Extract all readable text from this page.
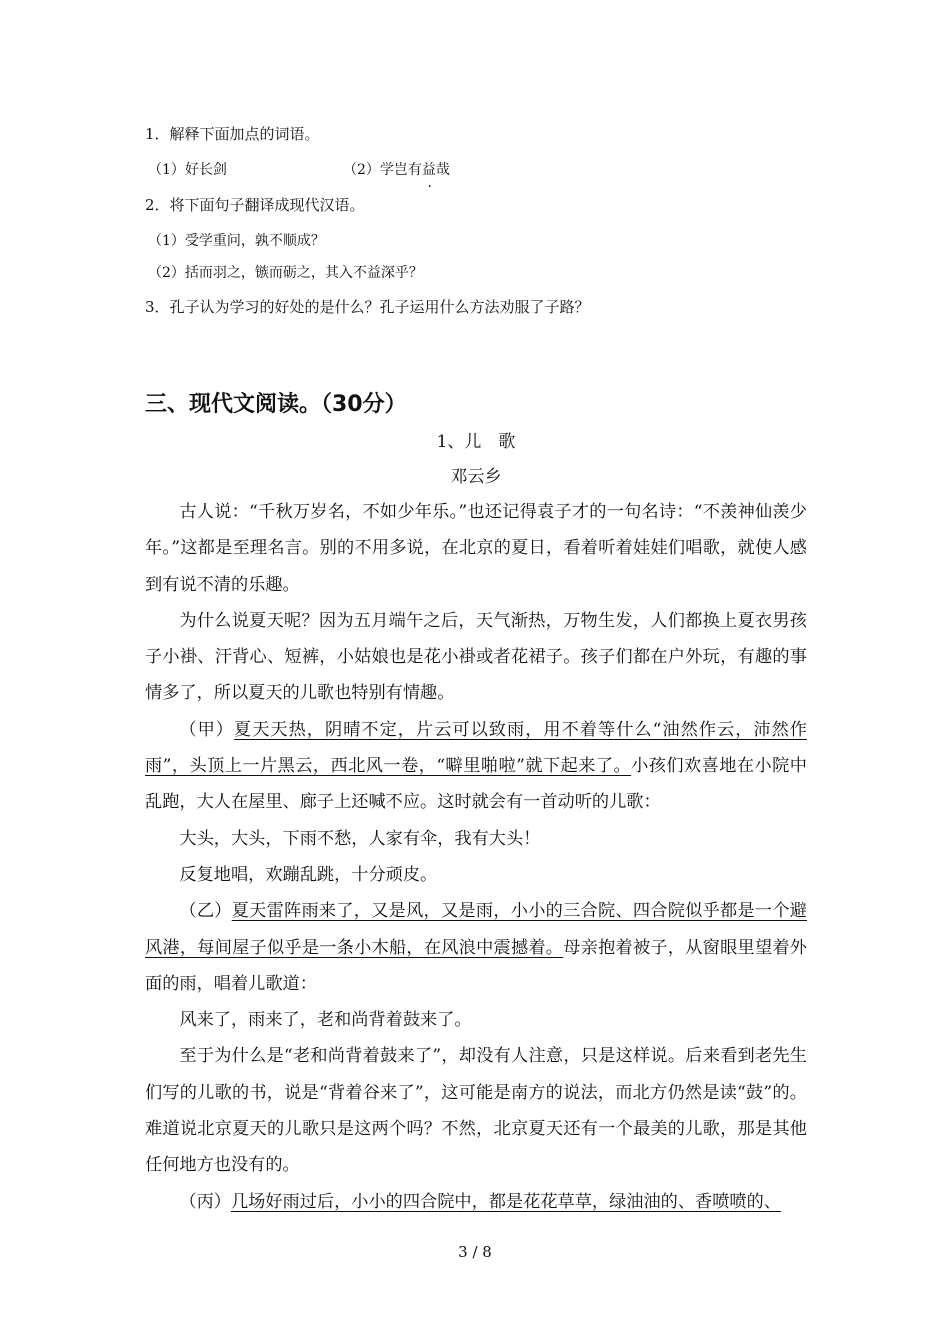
1．解释下面加点的词语。
（1）好长剑	（2）学岂有益哉
2．将下面句子翻译成现代汉语。
（1）受学重问，孰不顺成？
（2）括而羽之，镞而砺之，其入不益深乎？
3．孔子认为学习的好处的是什么？孔子运用什么方法劝服了子路？
三、现代文阅读。（30分）
1、儿　歌
邓云乡

古人说：“千秋万岁名，不如少年乐。”也还记得袁子才的一句名诗：“不羡神仙羡少年。”这都是至理名言。别的不用多说，在北京的夏日，看着听着娃娃们唱歌，就使人感到有说不清的乐趣。

为什么说夏天呢？因为五月端午之后，天气渐热，万物生发，人们都换上夏衣男孩子小褂、汗背心、短裤，小姑娘也是花小褂或者花裙子。孩子们都在户外玩，有趣的事情多了，所以夏天的儿歌也特别有情趣。

（甲）夏天天热，阴晴不定，片云可以致雨，用不着等什么“油然作云，沛然作雨”，头顶上一片黑云，西北风一卷，“噼里啪啦”就下起来了。小孩们欢喜地在小院中乱跑，大人在屋里、廊子上还喊不应。这时就会有一首动听的儿歌：

大头，大头，下雨不愁，人家有伞，我有大头！

反复地唱，欢蹦乱跳，十分顽皮。

（乙）夏天雷阵雨来了，又是风，又是雨，小小的三合院、四合院似乎都是一个避风港，每间屋子似乎是一条小木船，在风浪中震撼着。母亲抱着被子，从窗眼里望着外面的雨，唱着儿歌道：

风来了，雨来了，老和尚背着鼓来了。

至于为什么是“老和尚背着鼓来了”，却没有人注意，只是这样说。后来看到老先生们写的儿歌的书，说是“背着谷来了”，这可能是南方的说法，而北方仍然是读“鼓”的。难道说北京夏天的儿歌只是这两个吗？不然，北京夏天还有一个最美的儿歌，那是其他任何地方也没有的。

（丙）几场好雨过后，小小的四合院中，都是花花草草，绿油油的、香喷喷的、

3 / 8
